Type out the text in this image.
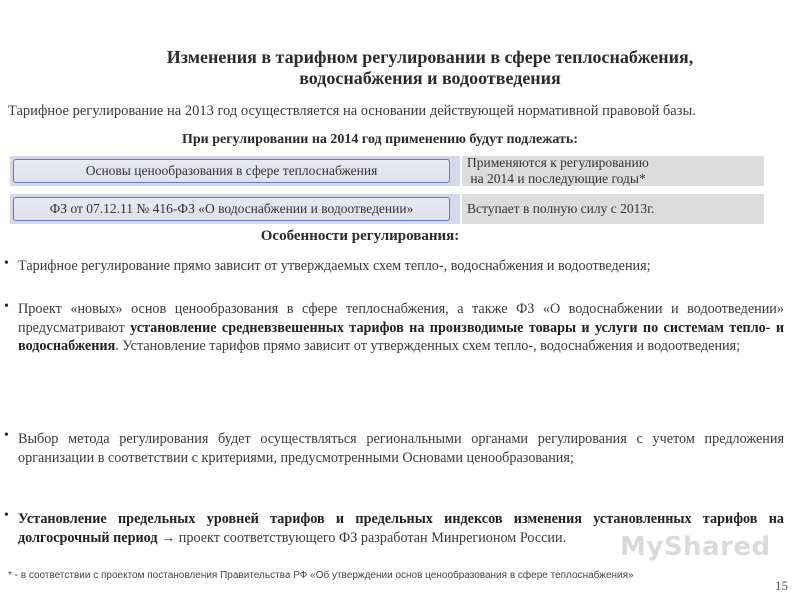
Изменения в тарифном регулировании в сфере теплоснабжения,
водоснабжения и водоотведения
Тарифное регулирование на 2013 год осуществляется на основании действующей нормативной правовой базы.
При регулировании на 2014 год применению будут подлежать:
Основы ценообразования в сфере теплоснабжения
Применяются к регулированию
на 2014 и последующие годы*
ФЗ от 07.12.11 № 416-ФЗ «О водоснабжении и водоотведении»	Вступает в полную силу с 2013г.
Особенности регулирования:
• Тарифное регулирование прямо зависит от утверждаемых схем тепло-, водоснабжения и водоотведения;
• Проект «новых» основ ценообразования в сфере теплоснабжения, а также ФЗ «О водоснабжении и водоотведении» предусматривают установление средневзвешенных тарифов на производимые товары и услуги по системам тепло- и водоснабжения. Установление тарифов прямо зависит от утвержденных схем тепло-, водоснабжения и водоотведения;
• Выбор метода регулирования будет осуществляться региональными органами регулирования с учетом предложения организации в соответствии с критериями, предусмотренными Основами ценообразования;
• Установление предельных уровней тарифов и предельных индексов изменения установленных тарифов на долгосрочный период → проект соответствующего ФЗ разработан Минрегионом России.	MyShared
* - в соответствии с проектом постановления Правительства РФ «Об утверждении основ ценообразования в сфере теплоснабжения»
15
